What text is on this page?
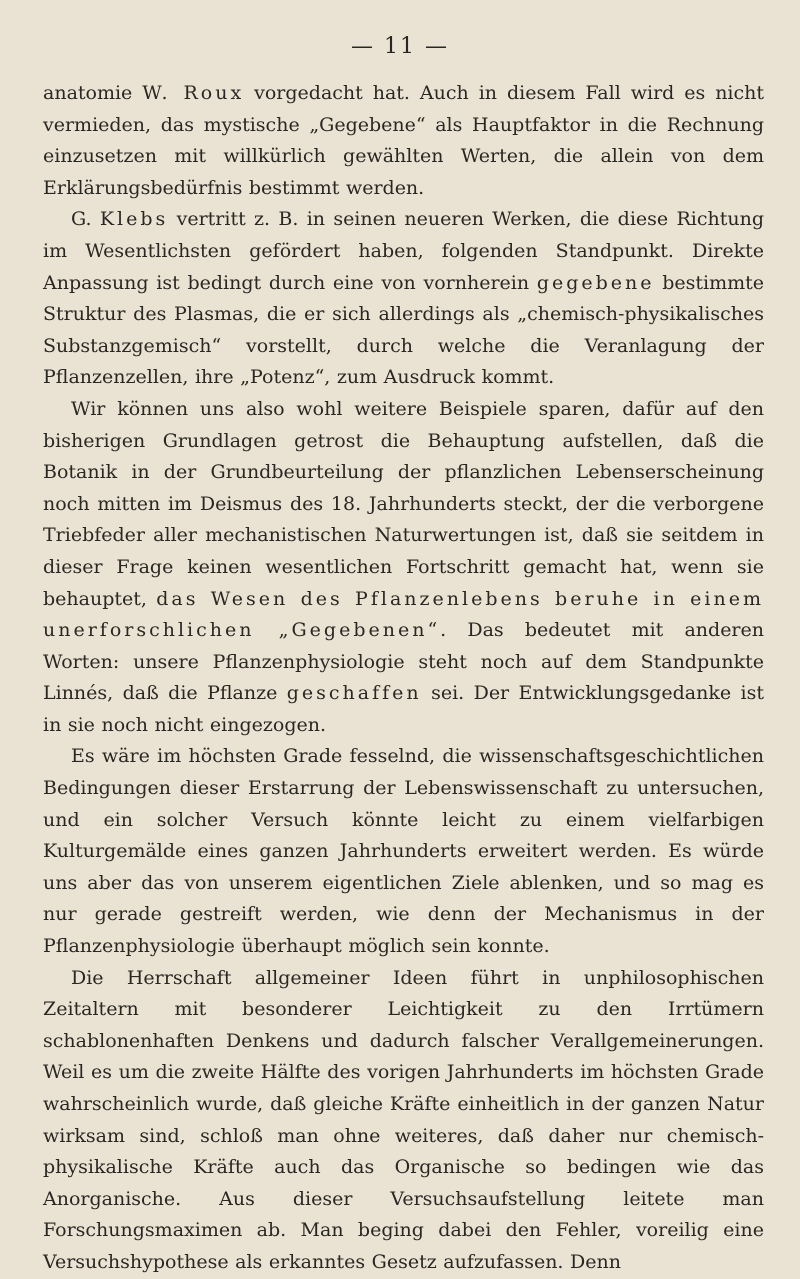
— 11 —

anatomie W. Roux vorgedacht hat. Auch in diesem Fall wird es nicht vermieden, das mystische „Gegebene“ als Hauptfaktor in die Rechnung einzusetzen mit willkürlich gewählten Werten, die allein von dem Erklärungsbedürfnis bestimmt werden.

G. Klebs vertritt z. B. in seinen neueren Werken, die diese Richtung im Wesentlichsten gefördert haben, folgenden Standpunkt. Direkte Anpassung ist bedingt durch eine von vornherein gegebene bestimmte Struktur des Plasmas, die er sich allerdings als „chemisch-physikalisches Substanzgemisch“ vorstellt, durch welche die Veranlagung der Pflanzenzellen, ihre „Potenz“, zum Ausdruck kommt.

Wir können uns also wohl weitere Beispiele sparen, dafür auf den bisherigen Grundlagen getrost die Behauptung aufstellen, daß die Botanik in der Grundbeurteilung der pflanzlichen Lebenserscheinung noch mitten im Deismus des 18. Jahrhunderts steckt, der die verborgene Triebfeder aller mechanistischen Naturwertungen ist, daß sie seitdem in dieser Frage keinen wesentlichen Fortschritt gemacht hat, wenn sie behauptet, das Wesen des Pflanzenlebens beruhe in einem unerforschlichen „Gegebenen“. Das bedeutet mit anderen Worten: unsere Pflanzenphysiologie steht noch auf dem Standpunkte Linnés, daß die Pflanze geschaffen sei. Der Entwicklungsgedanke ist in sie noch nicht eingezogen.

Es wäre im höchsten Grade fesselnd, die wissenschaftsgeschichtlichen Bedingungen dieser Erstarrung der Lebenswissenschaft zu untersuchen, und ein solcher Versuch könnte leicht zu einem vielfarbigen Kulturgemälde eines ganzen Jahrhunderts erweitert werden. Es würde uns aber das von unserem eigentlichen Ziele ablenken, und so mag es nur gerade gestreift werden, wie denn der Mechanismus in der Pflanzenphysiologie überhaupt möglich sein konnte.

Die Herrschaft allgemeiner Ideen führt in unphilosophischen Zeitaltern mit besonderer Leichtigkeit zu den Irrtümern schablonenhaften Denkens und dadurch falscher Verallgemeinerungen. Weil es um die zweite Hälfte des vorigen Jahrhunderts im höchsten Grade wahrscheinlich wurde, daß gleiche Kräfte einheitlich in der ganzen Natur wirksam sind, schloß man ohne weiteres, daß daher nur chemisch-physikalische Kräfte auch das Organische so bedingen wie das Anorganische. Aus dieser Versuchsaufstellung leitete man Forschungsmaximen ab. Man beging dabei den Fehler, voreilig eine Versuchshypothese als erkanntes Gesetz aufzufassen. Denn
